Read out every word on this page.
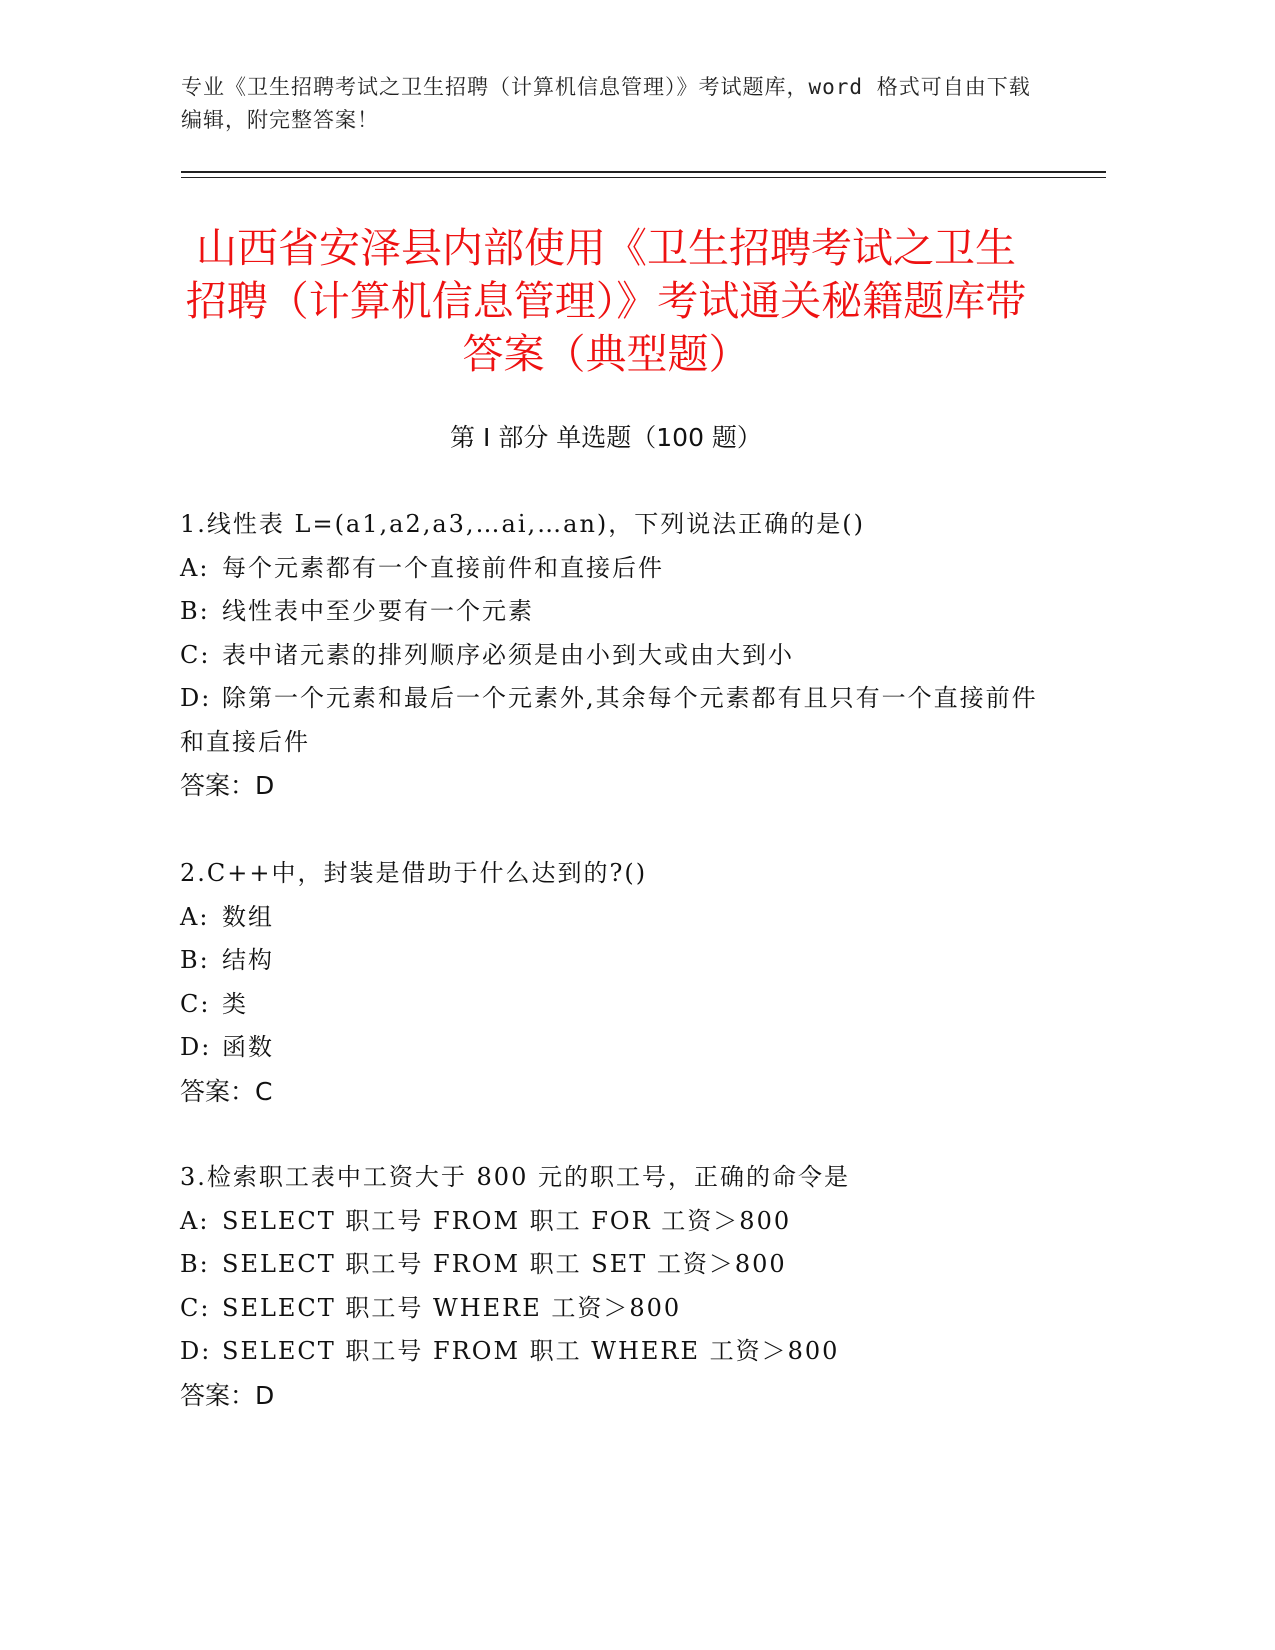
专业《卫生招聘考试之卫生招聘（计算机信息管理）》考试题库，word 格式可自由下载编辑，附完整答案！
山西省安泽县内部使用《卫生招聘考试之卫生招聘（计算机信息管理）》考试通关秘籍题库带答案（典型题）
第 I 部分 单选题（100 题）
1.线性表 L=(a1,a2,a3,…ai,…an)，下列说法正确的是()
A: 每个元素都有一个直接前件和直接后件
B: 线性表中至少要有一个元素
C: 表中诸元素的排列顺序必须是由小到大或由大到小
D: 除第一个元素和最后一个元素外,其余每个元素都有且只有一个直接前件和直接后件
答案：D
2.C++中，封装是借助于什么达到的?()
A: 数组
B: 结构
C: 类
D: 函数
答案：C
3.检索职工表中工资大于 800 元的职工号，正确的命令是
A: SELECT 职工号 FROM 职工 FOR 工资＞800
B: SELECT 职工号 FROM 职工 SET 工资＞800
C: SELECT 职工号 WHERE 工资＞800
D: SELECT 职工号 FROM 职工 WHERE 工资＞800
答案：D
